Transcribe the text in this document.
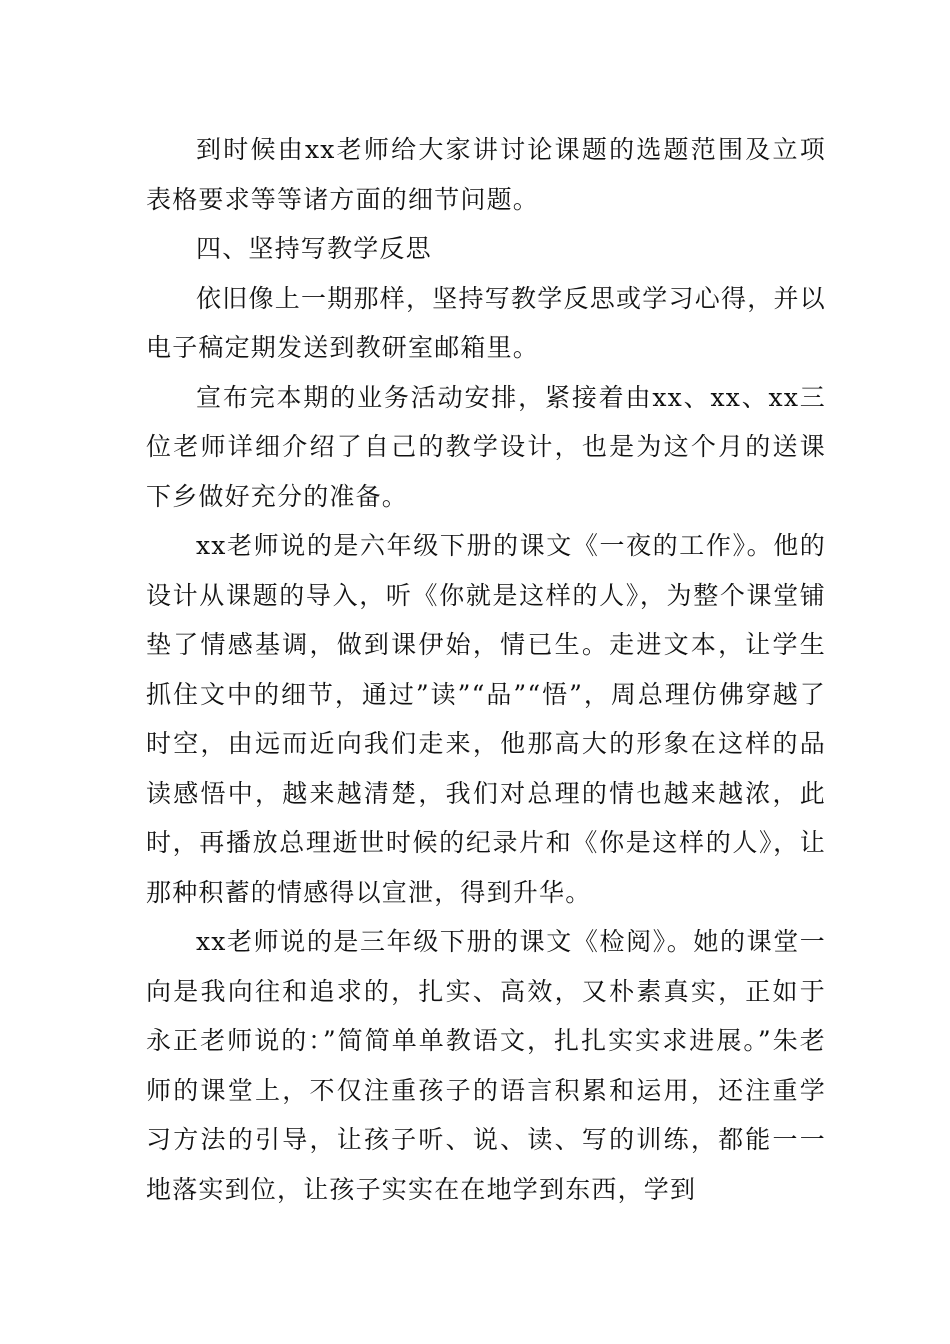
到时候由xx老师给大家讲讨论课题的选题范围及立项表格要求等等诸方面的细节问题。

四、坚持写教学反思

依旧像上一期那样，坚持写教学反思或学习心得，并以电子稿定期发送到教研室邮箱里。

宣布完本期的业务活动安排，紧接着由xx、xx、xx三位老师详细介绍了自己的教学设计，也是为这个月的送课下乡做好充分的准备。

xx老师说的是六年级下册的课文《一夜的工作》。他的设计从课题的导入，听《你就是这样的人》，为整个课堂铺垫了情感基调，做到课伊始，情已生。走进文本，让学生抓住文中的细节，通过”读”“品”“悟”，周总理仿佛穿越了时空，由远而近向我们走来，他那高大的形象在这样的品读感悟中，越来越清楚，我们对总理的情也越来越浓，此时，再播放总理逝世时候的纪录片和《你是这样的人》，让那种积蓄的情感得以宣泄，得到升华。

xx老师说的是三年级下册的课文《检阅》。她的课堂一向是我向往和追求的，扎实、高效，又朴素真实，正如于永正老师说的：”简简单单教语文，扎扎实实求进展。”朱老师的课堂上，不仅注重孩子的语言积累和运用，还注重学习方法的引导，让孩子听、说、读、写的训练，都能一一地落实到位，让孩子实实在在地学到东西，学到
